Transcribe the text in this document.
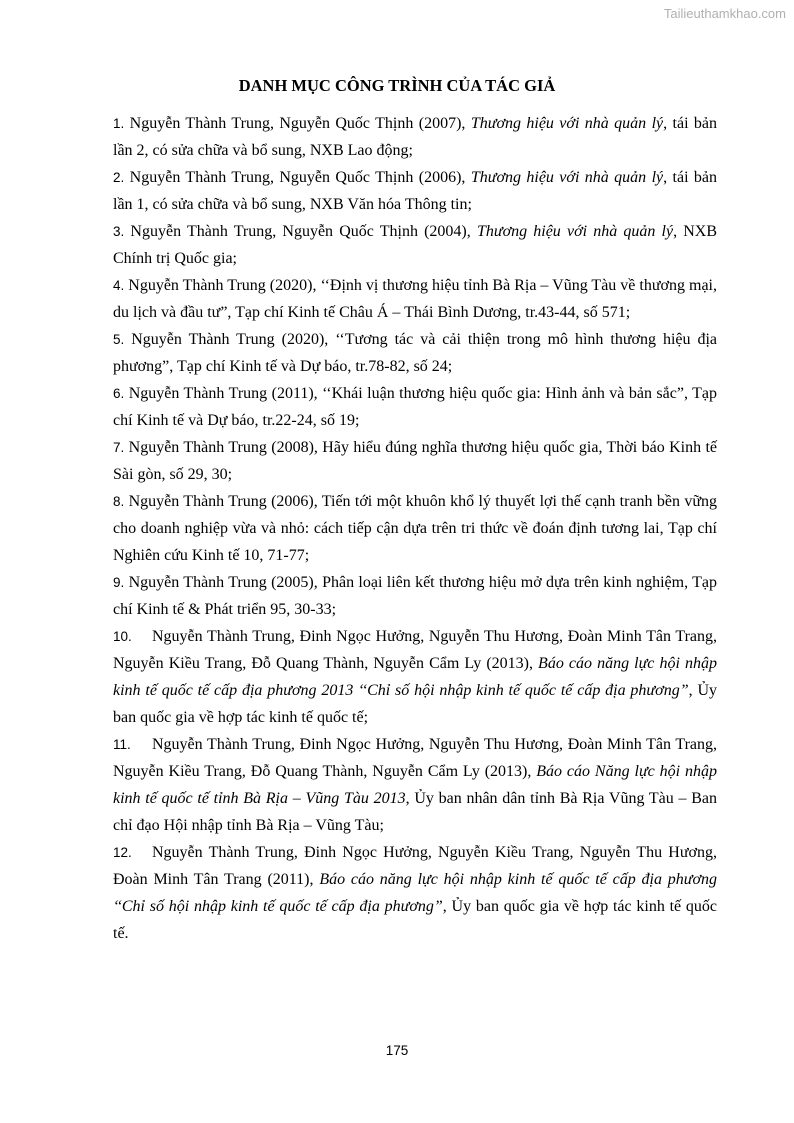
Tailieuthamkhao.com
DANH MỤC CÔNG TRÌNH CỦA TÁC GIẢ

1. Nguyễn Thành Trung, Nguyễn Quốc Thịnh (2007), Thương hiệu với nhà quản lý, tái bản lần 2, có sửa chữa và bổ sung, NXB Lao động;

2. Nguyễn Thành Trung, Nguyễn Quốc Thịnh (2006), Thương hiệu với nhà quản lý, tái bản lần 1, có sửa chữa và bổ sung, NXB Văn hóa Thông tin;

3. Nguyễn Thành Trung, Nguyễn Quốc Thịnh (2004), Thương hiệu với nhà quản lý, NXB Chính trị Quốc gia;

4. Nguyễn Thành Trung (2020), ‘‘Định vị thương hiệu tỉnh Bà Rịa – Vũng Tàu về thương mại, du lịch và đầu tư”, Tạp chí Kinh tế Châu Á – Thái Bình Dương, tr.43-44, số 571;

5. Nguyễn Thành Trung (2020), ‘‘Tương tác và cải thiện trong mô hình thương hiệu địa phương”, Tạp chí Kinh tế và Dự báo, tr.78-82, số 24;

6. Nguyễn Thành Trung (2011), ‘‘Khái luận thương hiệu quốc gia: Hình ảnh và bản sắc”, Tạp chí Kinh tế và Dự báo, tr.22-24, số 19;

7. Nguyễn Thành Trung (2008), Hãy hiểu đúng nghĩa thương hiệu quốc gia, Thời báo Kinh tế Sài gòn, số 29, 30;

8. Nguyễn Thành Trung (2006), Tiến tới một khuôn khổ lý thuyết lợi thế cạnh tranh bền vững cho doanh nghiệp vừa và nhỏ: cách tiếp cận dựa trên tri thức về đoán định tương lai, Tạp chí Nghiên cứu Kinh tế 10, 71-77;

9. Nguyễn Thành Trung (2005), Phân loại liên kết thương hiệu mở dựa trên kinh nghiệm, Tạp chí Kinh tế & Phát triển 95, 30-33;

10. Nguyễn Thành Trung, Đinh Ngọc Hưởng, Nguyễn Thu Hương, Đoàn Minh Tân Trang, Nguyễn Kiều Trang, Đỗ Quang Thành, Nguyễn Cẩm Ly (2013), Báo cáo năng lực hội nhập kinh tế quốc tế cấp địa phương 2013 ‘‘Chỉ số hội nhập kinh tế quốc tế cấp địa phương”, Ủy ban quốc gia về hợp tác kinh tế quốc tế;

11. Nguyễn Thành Trung, Đinh Ngọc Hưởng, Nguyễn Thu Hương, Đoàn Minh Tân Trang, Nguyễn Kiều Trang, Đỗ Quang Thành, Nguyễn Cẩm Ly (2013), Báo cáo Năng lực hội nhập kinh tế quốc tế tỉnh Bà Rịa – Vũng Tàu 2013, Ủy ban nhân dân tỉnh Bà Rịa Vũng Tàu – Ban chỉ đạo Hội nhập tỉnh Bà Rịa – Vũng Tàu;

12. Nguyễn Thành Trung, Đinh Ngọc Hưởng, Nguyễn Kiều Trang, Nguyễn Thu Hương, Đoàn Minh Tân Trang (2011), Báo cáo năng lực hội nhập kinh tế quốc tế cấp địa phương ‘‘Chỉ số hội nhập kinh tế quốc tế cấp địa phương”, Ủy ban quốc gia về hợp tác kinh tế quốc tế.

175
